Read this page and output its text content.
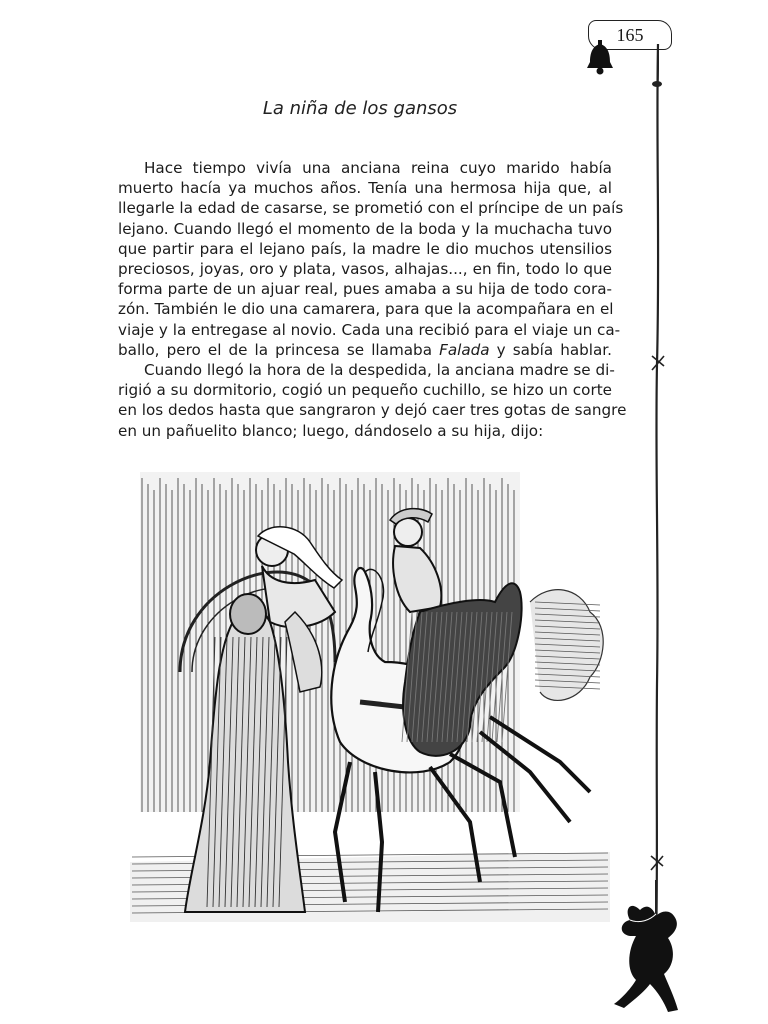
165
La niña de los gansos
Hace tiempo vivía una anciana reina cuyo marido había
muerto hacía ya muchos años. Tenía una hermosa hija que, al
llegarle la edad de casarse, se prometió con el príncipe de un país
lejano. Cuando llegó el momento de la boda y la muchacha tuvo
que partir para el lejano país, la madre le dio muchos utensilios
preciosos, joyas, oro y plata, vasos, alhajas..., en fin, todo lo que
forma parte de un ajuar real, pues amaba a su hija de todo cora-
zón. También le dio una camarera, para que la acompañara en el
viaje y la entregase al novio. Cada una recibió para el viaje un ca-
ballo, pero el de la princesa se llamaba Falada y sabía hablar.
Cuando llegó la hora de la despedida, la anciana madre se di-
rigió a su dormitorio, cogió un pequeño cuchillo, se hizo un corte
en los dedos hasta que sangraron y dejó caer tres gotas de sangre
en un pañuelito blanco; luego, dándoselo a su hija, dijo:
